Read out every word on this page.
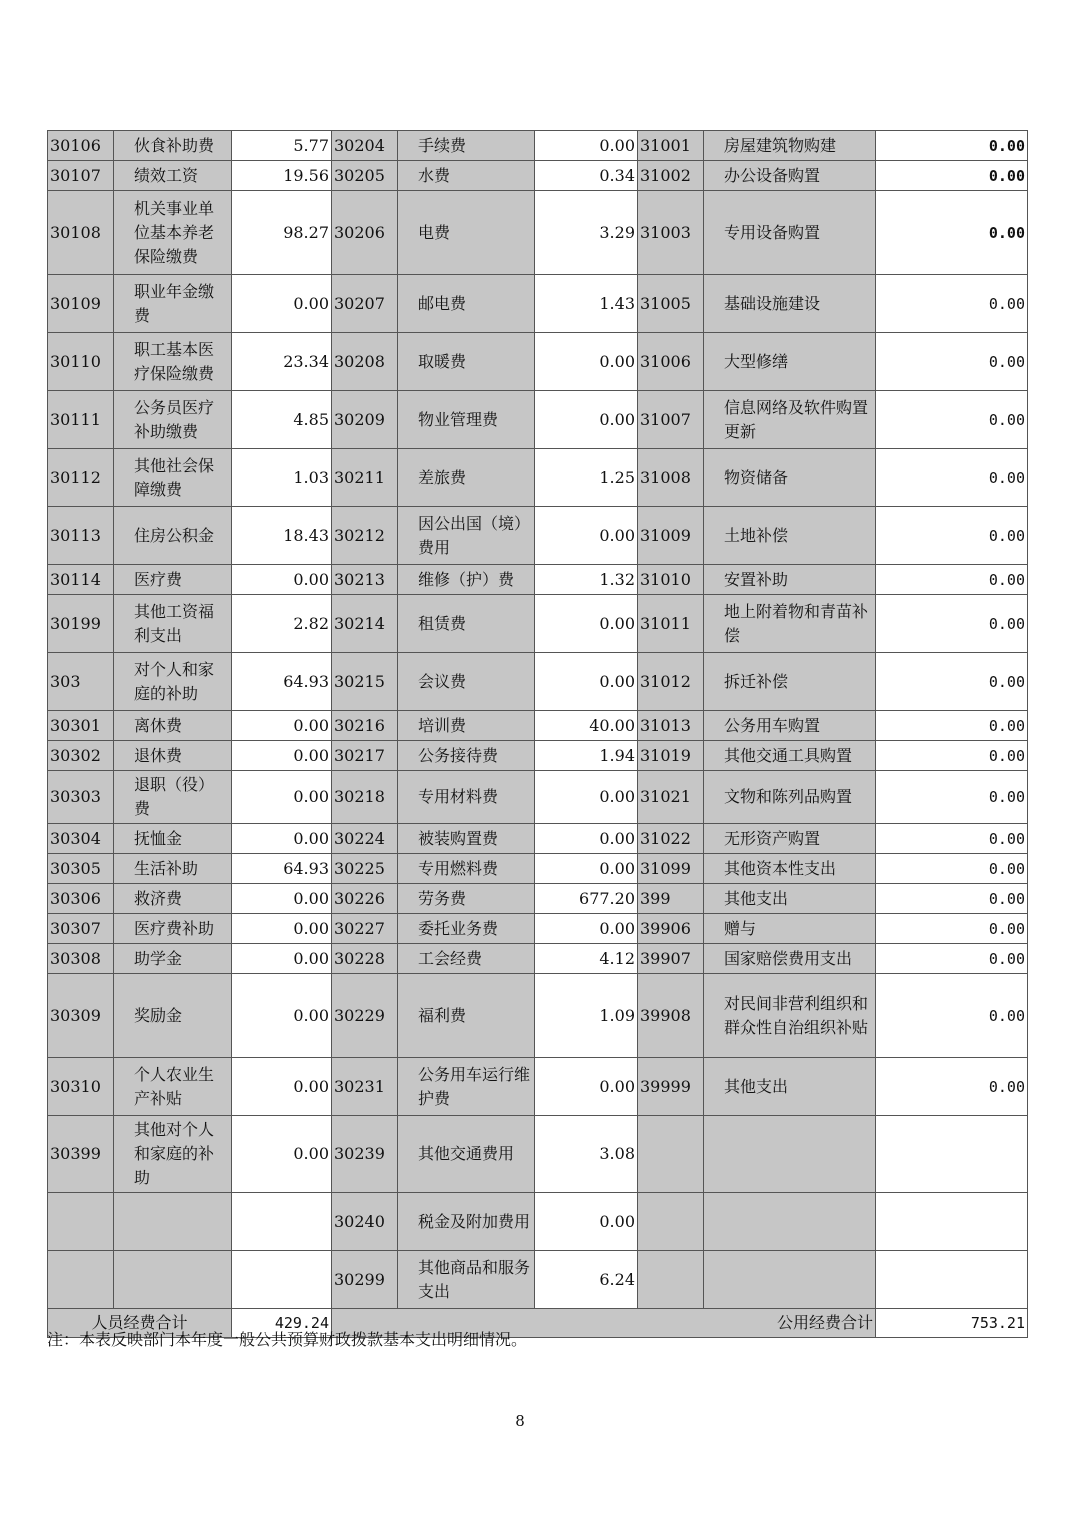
30106	伙食补助费	5.77	30204	手续费	0.00	31001	房屋建筑物购建	0.00
30107	绩效工资	19.56	30205	水费	0.34	31002	办公设备购置	0.00
30108	机关事业单位基本养老保险缴费	98.27	30206	电费	3.29	31003	专用设备购置	0.00
30109	职业年金缴费	0.00	30207	邮电费	1.43	31005	基础设施建设	0.00
30110	职工基本医疗保险缴费	23.34	30208	取暖费	0.00	31006	大型修缮	0.00
30111	公务员医疗补助缴费	4.85	30209	物业管理费	0.00	31007	信息网络及软件购置更新	0.00
30112	其他社会保障缴费	1.03	30211	差旅费	1.25	31008	物资储备	0.00
30113	住房公积金	18.43	30212	因公出国（境）费用	0.00	31009	土地补偿	0.00
30114	医疗费	0.00	30213	维修（护）费	1.32	31010	安置补助	0.00
30199	其他工资福利支出	2.82	30214	租赁费	0.00	31011	地上附着物和青苗补偿	0.00
303	对个人和家庭的补助	64.93	30215	会议费	0.00	31012	拆迁补偿	0.00
30301	离休费	0.00	30216	培训费	40.00	31013	公务用车购置	0.00
30302	退休费	0.00	30217	公务接待费	1.94	31019	其他交通工具购置	0.00
30303	退职（役）费	0.00	30218	专用材料费	0.00	31021	文物和陈列品购置	0.00
30304	抚恤金	0.00	30224	被装购置费	0.00	31022	无形资产购置	0.00
30305	生活补助	64.93	30225	专用燃料费	0.00	31099	其他资本性支出	0.00
30306	救济费	0.00	30226	劳务费	677.20	399	其他支出	0.00
30307	医疗费补助	0.00	30227	委托业务费	0.00	39906	赠与	0.00
30308	助学金	0.00	30228	工会经费	4.12	39907	国家赔偿费用支出	0.00
30309	奖励金	0.00	30229	福利费	1.09	39908	对民间非营利组织和群众性自治组织补贴	0.00
30310	个人农业生产补贴	0.00	30231	公务用车运行维护费	0.00	39999	其他支出	0.00
30399	其他对个人和家庭的补助	0.00	30239	其他交通费用	3.08			
			30240	税金及附加费用	0.00			
			30299	其他商品和服务支出	6.24			
人员经费合计		429.24	公用经费合计					753.21
注：本表反映部门本年度一般公共预算财政拨款基本支出明细情况。
8
